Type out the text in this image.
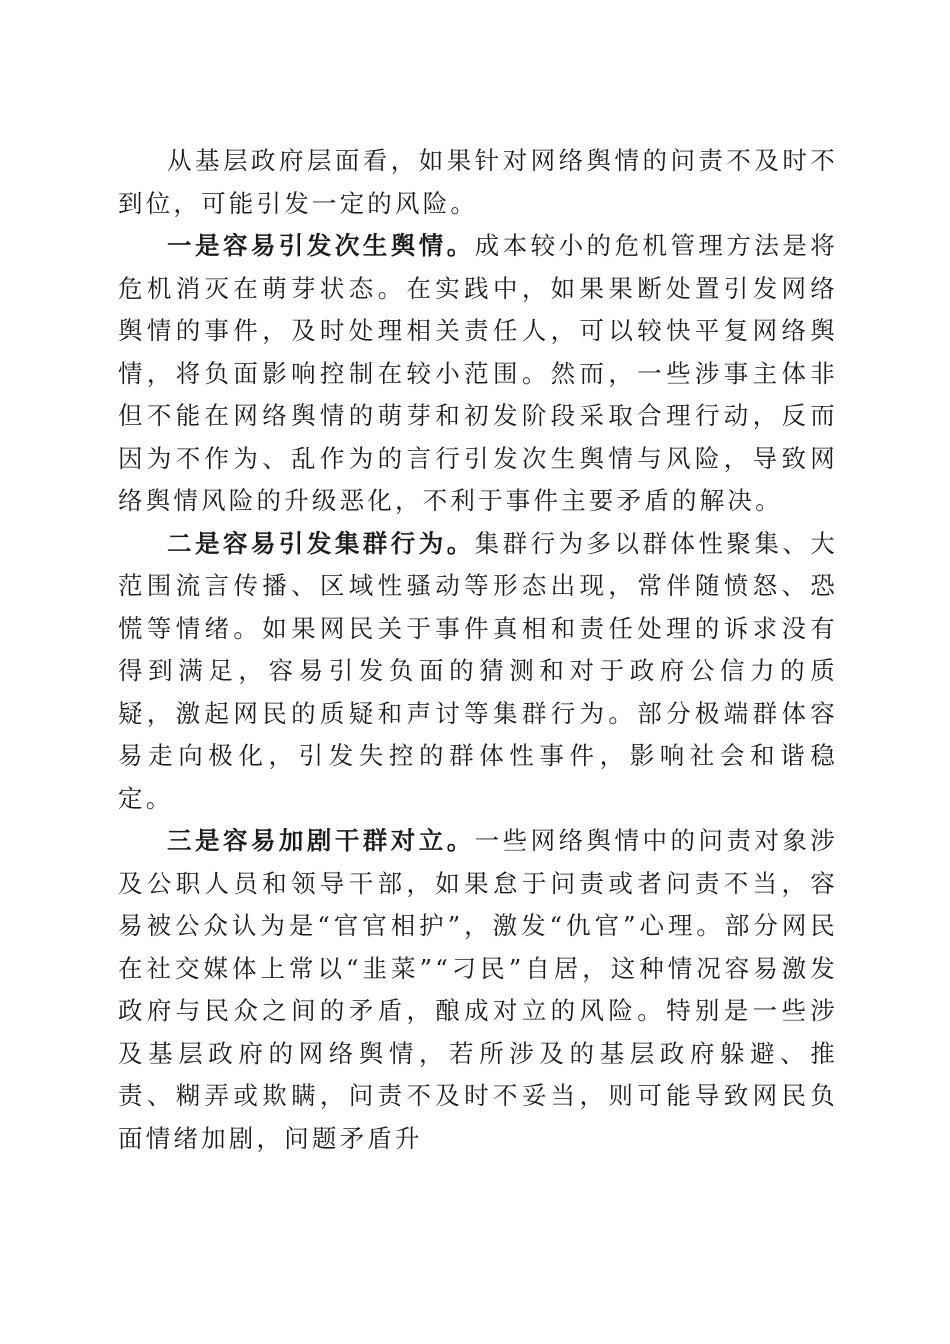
从基层政府层面看，如果针对网络舆情的问责不及时不到位，可能引发一定的风险。

一是容易引发次生舆情。成本较小的危机管理方法是将危机消灭在萌芽状态。在实践中，如果果断处置引发网络舆情的事件，及时处理相关责任人，可以较快平复网络舆情，将负面影响控制在较小范围。然而，一些涉事主体非但不能在网络舆情的萌芽和初发阶段采取合理行动，反而因为不作为、乱作为的言行引发次生舆情与风险，导致网络舆情风险的升级恶化，不利于事件主要矛盾的解决。

二是容易引发集群行为。集群行为多以群体性聚集、大范围流言传播、区域性骚动等形态出现，常伴随愤怒、恐慌等情绪。如果网民关于事件真相和责任处理的诉求没有得到满足，容易引发负面的猜测和对于政府公信力的质疑，激起网民的质疑和声讨等集群行为。部分极端群体容易走向极化，引发失控的群体性事件，影响社会和谐稳定。

三是容易加剧干群对立。一些网络舆情中的问责对象涉及公职人员和领导干部，如果怠于问责或者问责不当，容易被公众认为是“官官相护”，激发“仇官”心理。部分网民在社交媒体上常以“韭菜”“刁民”自居，这种情况容易激发政府与民众之间的矛盾，酿成对立的风险。特别是一些涉及基层政府的网络舆情，若所涉及的基层政府躲避、推责、糊弄或欺瞒，问责不及时不妥当，则可能导致网民负面情绪加剧，问题矛盾升
